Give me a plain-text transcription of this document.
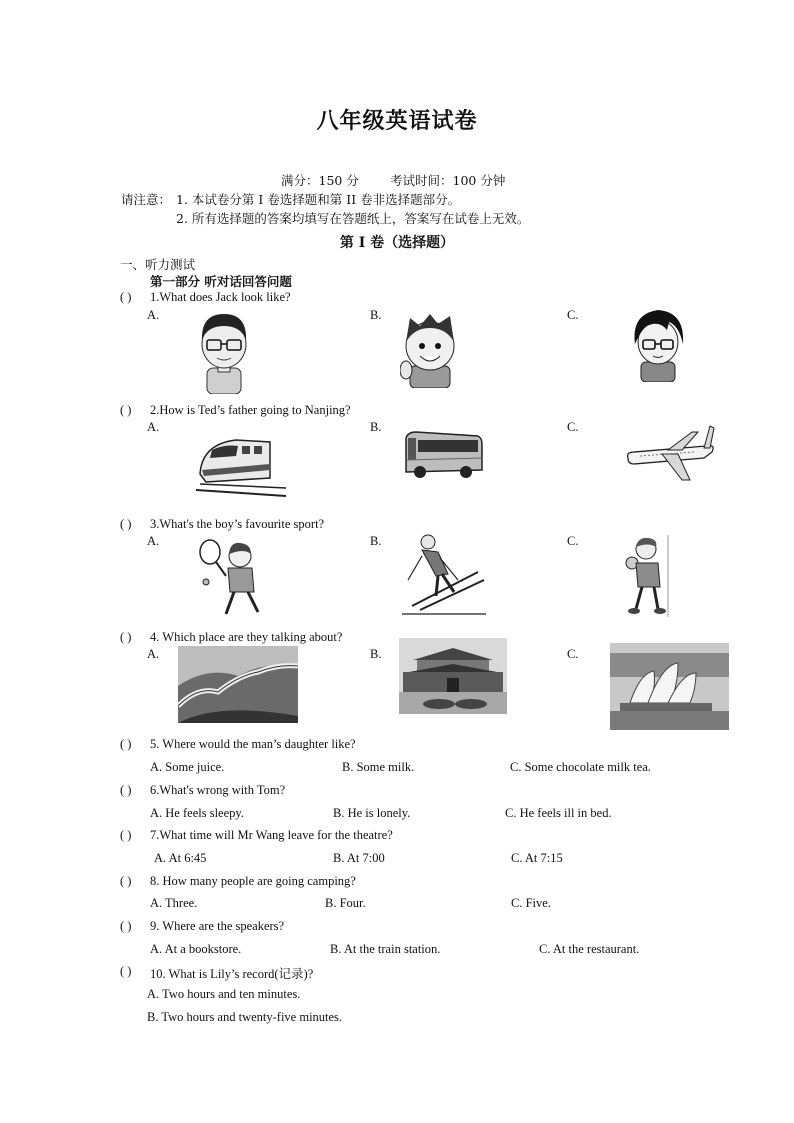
八年级英语试卷
满分：150 分 考试时间：100 分钟
请注意： 1. 本试卷分第 Ⅰ 卷选择题和第 II 卷非选择题部分。
2. 所有选择题的答案均填写在答题纸上，答案写在试卷上无效。
第 Ⅰ 卷（选择题）
一、听力测试
第一部分 听对话回答问题
( ) 1.What does Jack look like?
A.	B.	C.
( ) 2.How is Ted’s father going to Nanjing?
A.	B.	C.
( ) 3.What's the boy’s favourite sport?
A.	B.	C.
( ) 4. Which place are they talking about?
A.	B.	C.
( ) 5. Where would the man’s daughter like?
A. Some juice.	B. Some milk.	C. Some chocolate milk tea.
( ) 6.What's wrong with Tom?
A. He feels sleepy.	B. He is lonely.	C. He feels ill in bed.
( ) 7.What time will Mr Wang leave for the theatre?
A. At 6:45	B. At 7:00	C. At 7:15
( ) 8. How many people are going camping?
A. Three.	B. Four.	C. Five.
( ) 9. Where are the speakers?
A. At a bookstore.	B. At the train station.	C. At the restaurant.
( ) 10. What is Lily’s record(记录)?
A. Two hours and ten minutes.
B. Two hours and twenty-five minutes.
